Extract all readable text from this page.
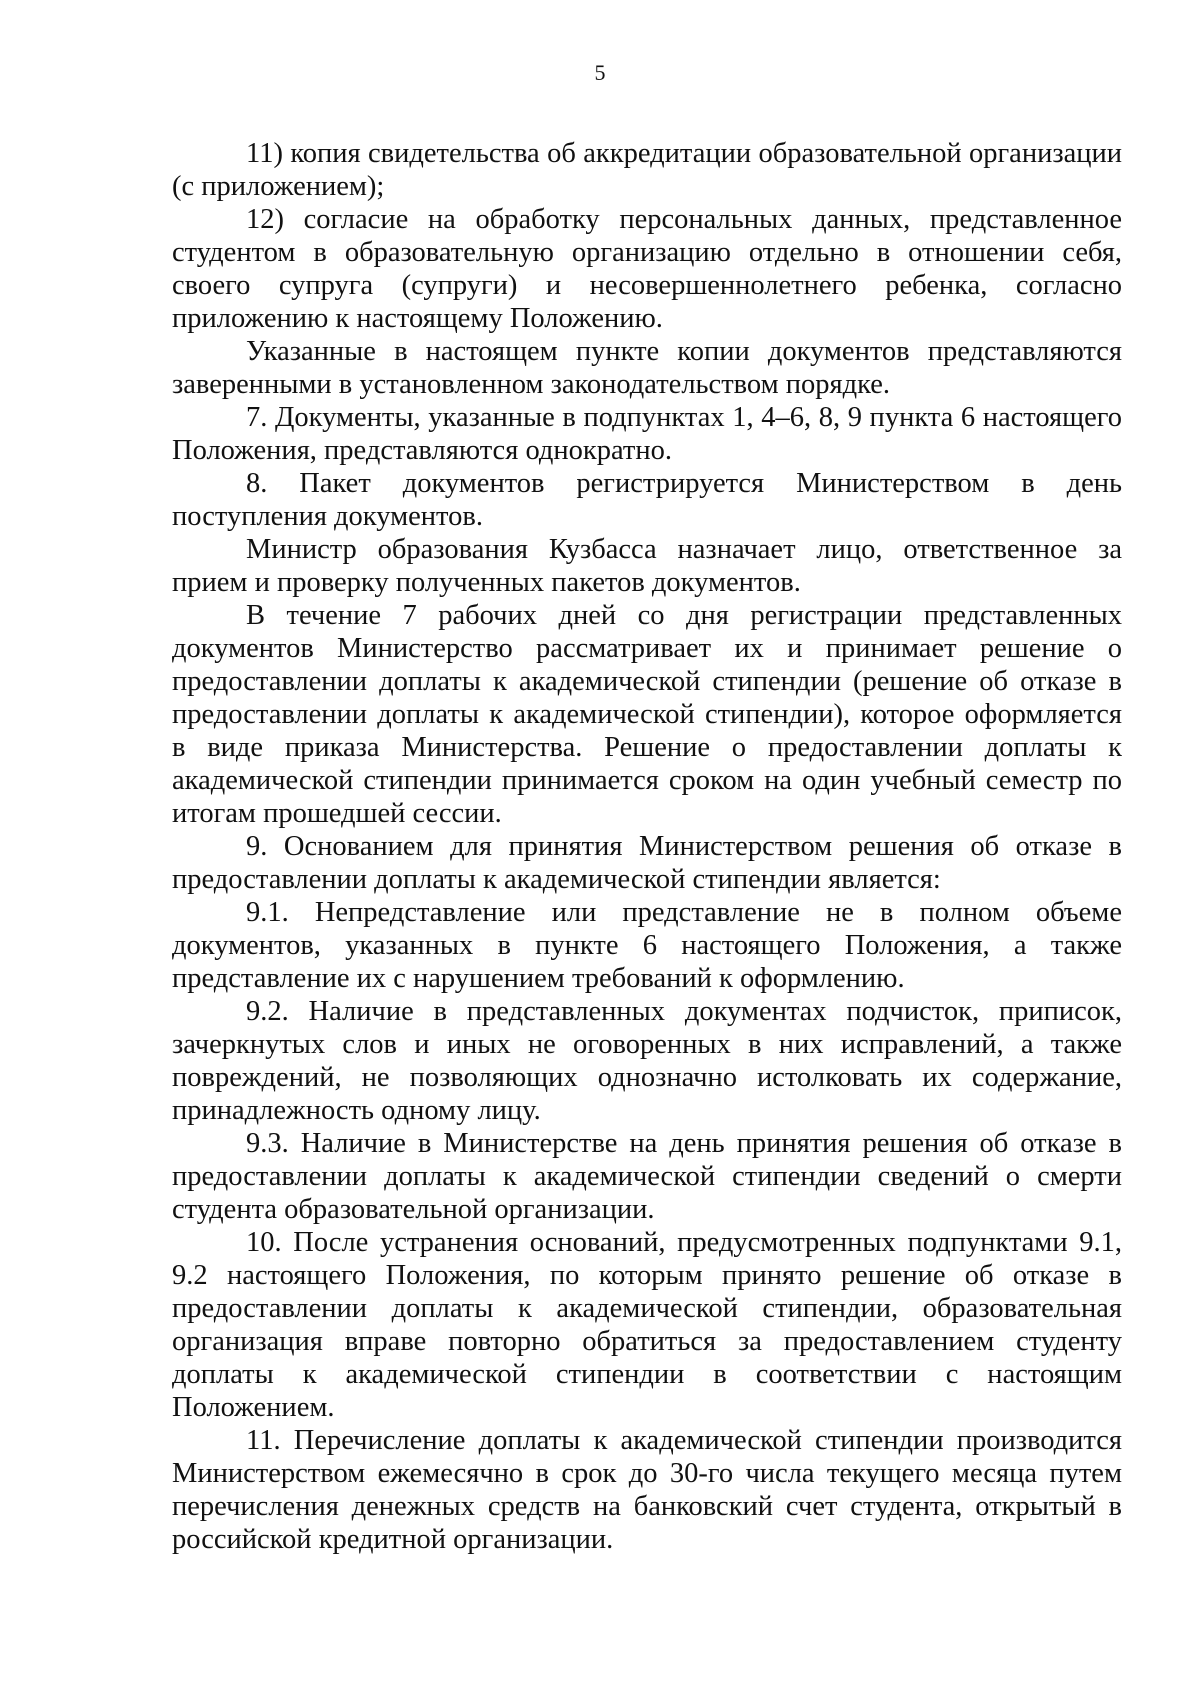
5

11) копия свидетельства об аккредитации образовательной организации (с приложением);

12) согласие на обработку персональных данных, представленное студентом в образовательную организацию отдельно в отношении себя, своего супруга (супруги) и несовершеннолетнего ребенка, согласно приложению к настоящему Положению.

Указанные в настоящем пункте копии документов представляются заверенными в установленном законодательством порядке.

7. Документы, указанные в подпунктах 1, 4–6, 8, 9 пункта 6 настоящего Положения, представляются однократно.

8. Пакет документов регистрируется Министерством в день поступления документов.

Министр образования Кузбасса назначает лицо, ответственное за прием и проверку полученных пакетов документов.

В течение 7 рабочих дней со дня регистрации представленных документов Министерство рассматривает их и принимает решение о предоставлении доплаты к академической стипендии (решение об отказе в предоставлении доплаты к академической стипендии), которое оформляется в виде приказа Министерства. Решение о предоставлении доплаты к академической стипендии принимается сроком на один учебный семестр по итогам прошедшей сессии.

9. Основанием для принятия Министерством решения об отказе в предоставлении доплаты к академической стипендии является:

9.1. Непредставление или представление не в полном объеме документов, указанных в пункте 6 настоящего Положения, а также представление их с нарушением требований к оформлению.

9.2. Наличие в представленных документах подчисток, приписок, зачеркнутых слов и иных не оговоренных в них исправлений, а также повреждений, не позволяющих однозначно истолковать их содержание, принадлежность одному лицу.

9.3. Наличие в Министерстве на день принятия решения об отказе в предоставлении доплаты к академической стипендии сведений о смерти студента образовательной организации.

10. После устранения оснований, предусмотренных подпунктами 9.1, 9.2 настоящего Положения, по которым принято решение об отказе в предоставлении доплаты к академической стипендии, образовательная организация вправе повторно обратиться за предоставлением студенту доплаты к академической стипендии в соответствии с настоящим Положением.

11. Перечисление доплаты к академической стипендии производится Министерством ежемесячно в срок до 30-го числа текущего месяца путем перечисления денежных средств на банковский счет студента, открытый в российской кредитной организации.
